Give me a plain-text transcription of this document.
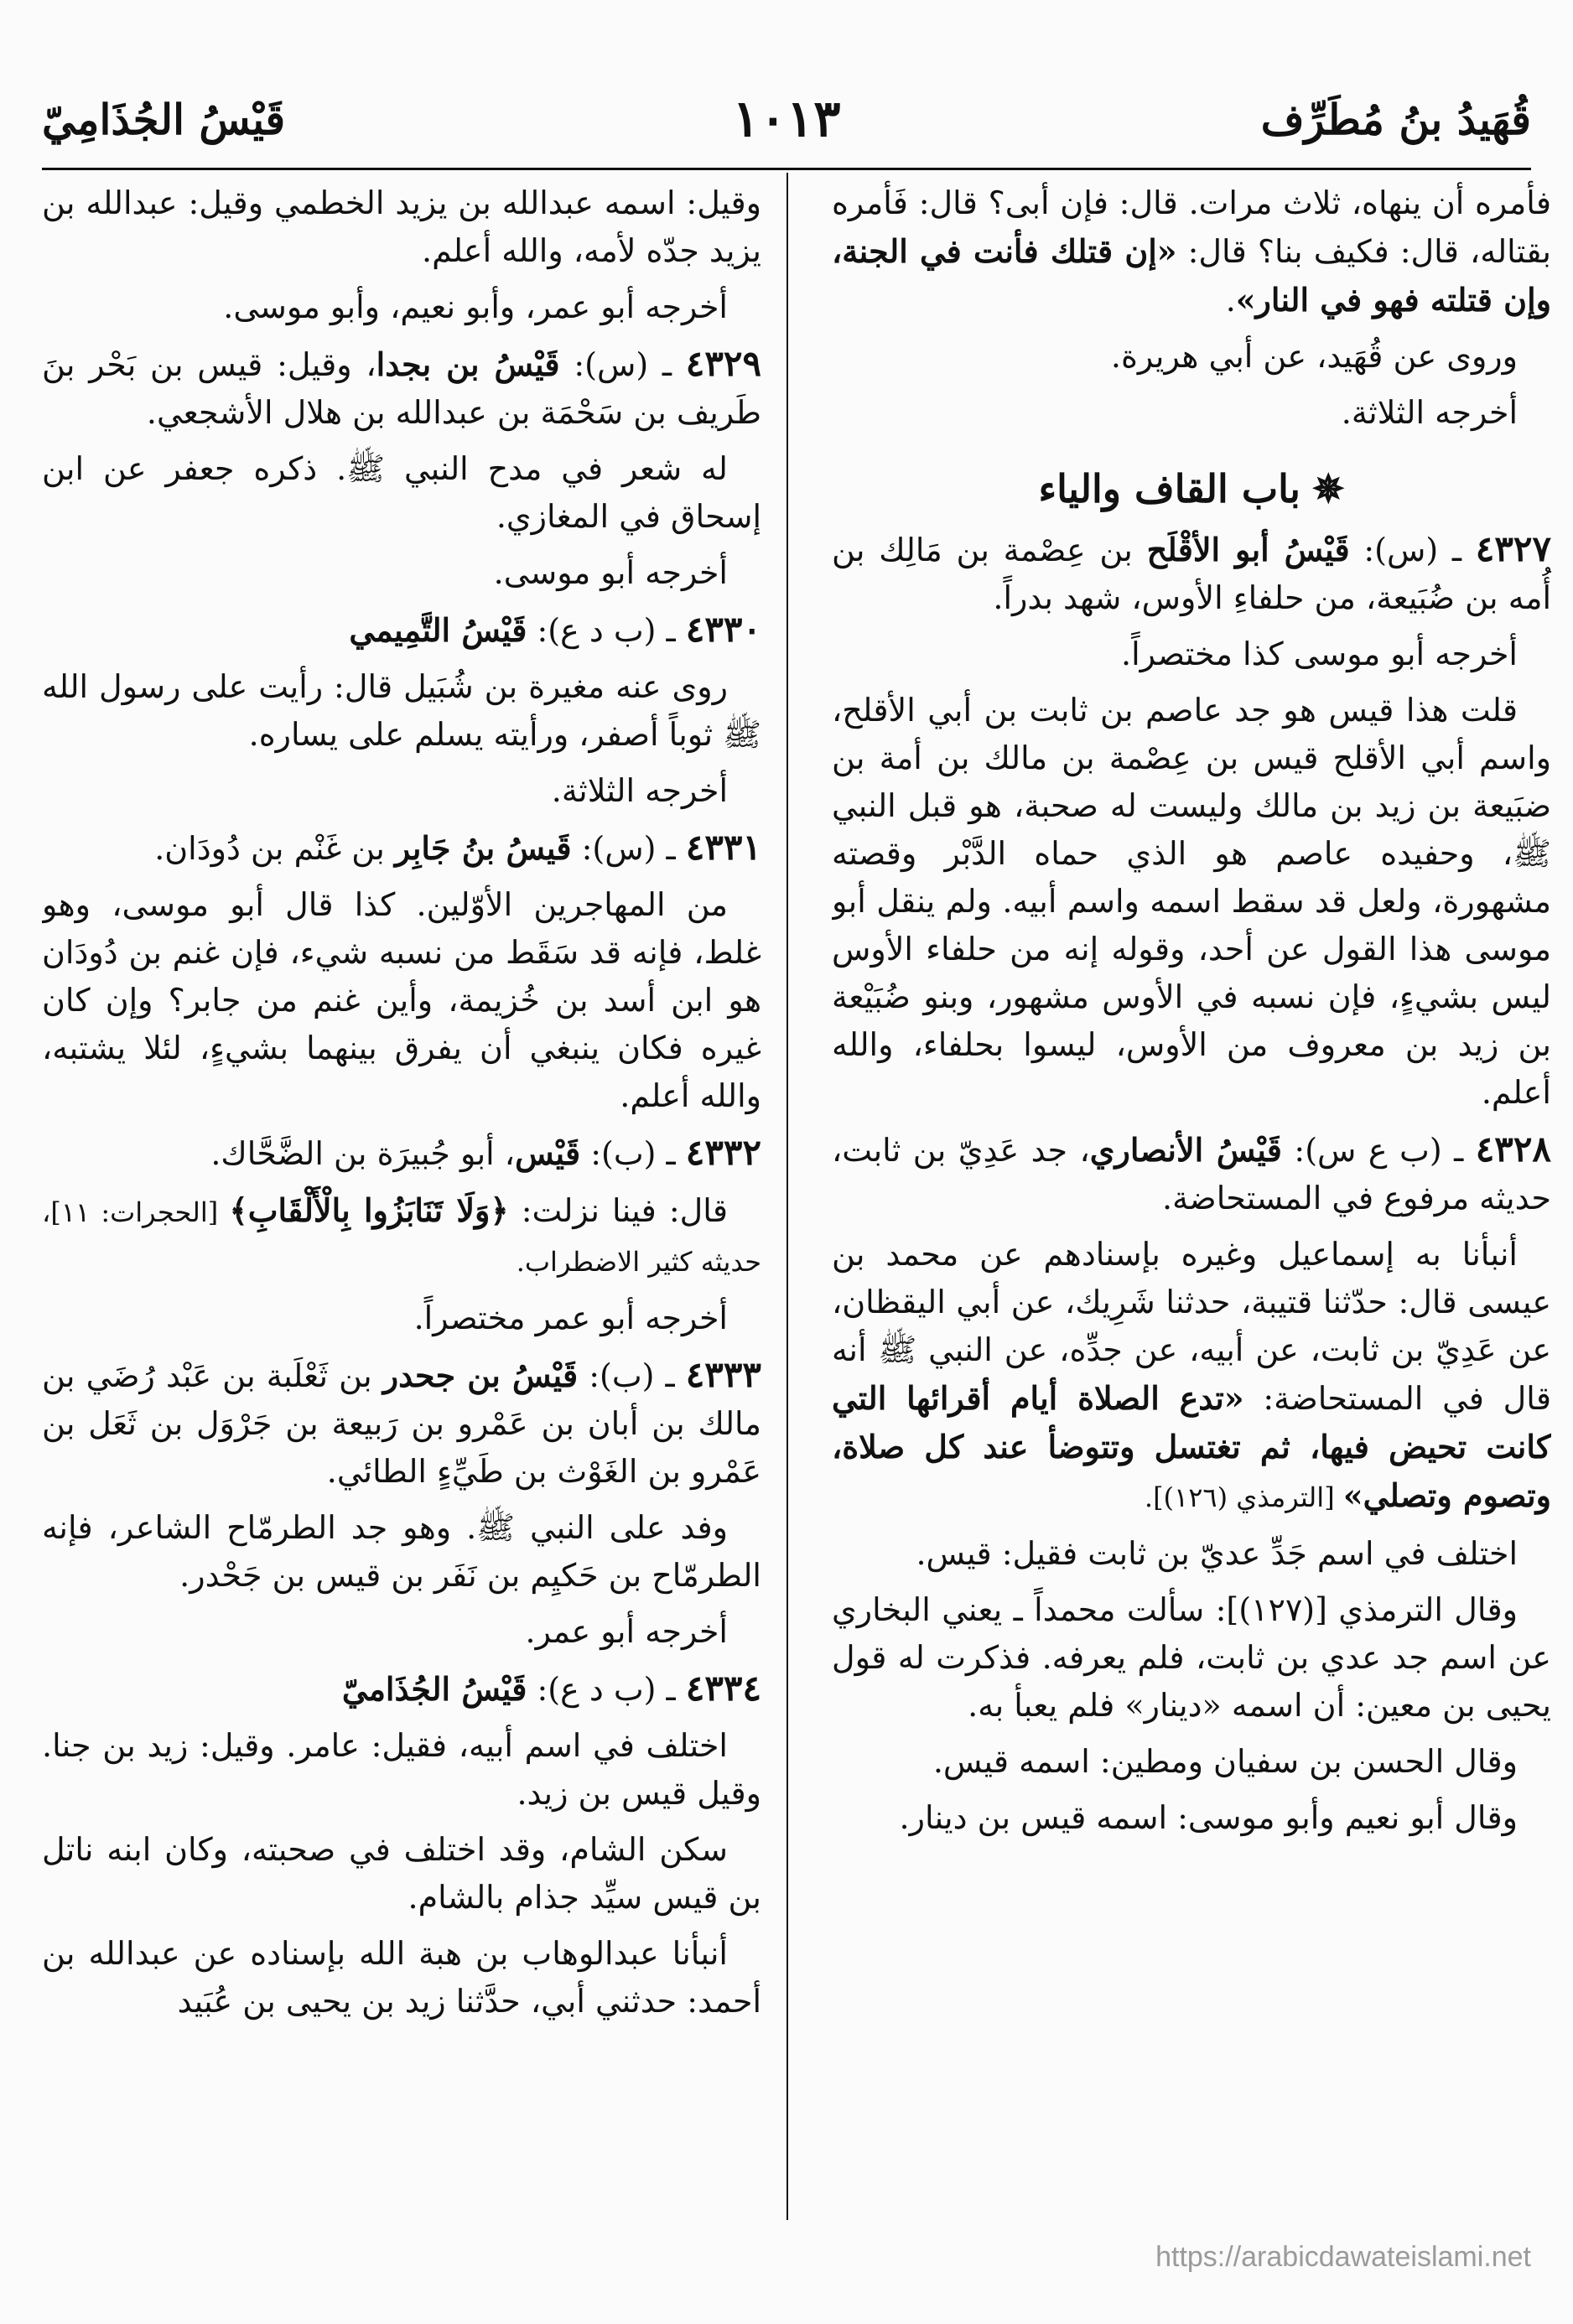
قُهَيدُ بنُ مُطَرِّف
١٠١٣
قَيْسُ الجُذَامِيّ

فأمره أن ينهاه، ثلاث مرات. قال: فإن أبى؟ قال: فَأَمره بقتاله، قال: فكيف بنا؟ قال: «إن قتلك فأنت في الجنة، وإن قتلته فهو في النار».

وروى عن قُهَيد، عن أبي هريرة.

أخرجه الثلاثة.

✵باب القاف والياء

٤٣٢٧ ـ (س): قَيْسُ أبو الأقْلَح بن عِصْمة بن مَالِك بن أُمه بن ضُبَيعة، من حلفاءِ الأوس، شهد بدراً.

أخرجه أبو موسى كذا مختصراً.

قلت هذا قيس هو جد عاصم بن ثابت بن أبي الأقلح، واسم أبي الأقلح قيس بن عِصْمة بن مالك بن أمة بن ضبَيعة بن زيد بن مالك وليست له صحبة، هو قبل النبي ﷺ، وحفيده عاصم هو الذي حماه الدَّبْر وقصته مشهورة، ولعل قد سقط اسمه واسم أبيه. ولم ينقل أبو موسى هذا القول عن أحد، وقوله إنه من حلفاء الأوس ليس بشيءٍ، فإن نسبه في الأوس مشهور، وبنو ضُبَيْعة بن زيد بن معروف من الأوس، ليسوا بحلفاء، والله أعلم.

٤٣٢٨ ـ (ب ع س): قَيْسُ الأنصاري، جد عَدِيّ بن ثابت، حديثه مرفوع في المستحاضة.

أنبأنا به إسماعيل وغيره بإسنادهم عن محمد بن عيسى قال: حدّثنا قتيبة، حدثنا شَرِيك، عن أبي اليقظان، عن عَدِيّ بن ثابت، عن أبيه، عن جدِّه، عن النبي ﷺ أنه قال في المستحاضة: «تدع الصلاة أيام أقرائها التي كانت تحيض فيها، ثم تغتسل وتتوضأ عند كل صلاة، وتصوم وتصلي» [الترمذي (١٢٦)].

اختلف في اسم جَدِّ عديّ بن ثابت فقيل: قيس.

وقال الترمذي [(١٢٧)]: سألت محمداً ـ يعني البخاري عن اسم جد عدي بن ثابت، فلم يعرفه. فذكرت له قول يحيى بن معين: أن اسمه «دينار» فلم يعبأ به.

وقال الحسن بن سفيان ومطين: اسمه قيس.

وقال أبو نعيم وأبو موسى: اسمه قيس بن دينار.

وقيل: اسمه عبدالله بن يزيد الخطمي وقيل: عبدالله بن يزيد جدّه لأمه، والله أعلم.

أخرجه أبو عمر، وأبو نعيم، وأبو موسى.

٤٣٢٩ ـ (س): قَيْسُ بن بجدا، وقيل: قيس بن بَحْر بنَ طَريف بن سَحْمَة بن عبدالله بن هلال الأشجعي.

له شعر في مدح النبي ﷺ. ذكره جعفر عن ابن إسحاق في المغازي.

أخرجه أبو موسى.

٤٣٣٠ ـ (ب د ع): قَيْسُ التَّمِيمي

روى عنه مغيرة بن شُبَيل قال: رأيت على رسول الله ﷺ ثوباً أصفر، ورأيته يسلم على يساره.

أخرجه الثلاثة.

٤٣٣١ ـ (س): قَيسُ بنُ جَابِر بن غَنْم بن دُودَان.

من المهاجرين الأوّلين. كذا قال أبو موسى، وهو غلط، فإنه قد سَقَط من نسبه شيء، فإن غنم بن دُودَان هو ابن أسد بن خُزيمة، وأين غنم من جابر؟ وإن كان غيره فكان ينبغي أن يفرق بينهما بشيءٍ، لئلا يشتبه، والله أعلم.

٤٣٣٢ ـ (ب): قَيْس، أبو جُبيرَة بن الضَّحَّاك.

قال: فينا نزلت: ﴿وَلَا تَنَابَزُوا بِالْأَلْقَابِ﴾ [الحجرات: ١١]، حديثه كثير الاضطراب.

أخرجه أبو عمر مختصراً.

٤٣٣٣ ـ (ب): قَيْسُ بن جحدر بن ثَعْلَبة بن عَبْد رُضَي بن مالك بن أبان بن عَمْرو بن رَبيعة بن جَرْوَل بن ثَعَل بن عَمْرو بن الغَوْث بن طَيِّءٍ الطائي.

وفد على النبي ﷺ. وهو جد الطرمّاح الشاعر، فإنه الطرمّاح بن حَكيِم بن نَفَر بن قيس بن جَحْدر.

أخرجه أبو عمر.

٤٣٣٤ ـ (ب د ع): قَيْسُ الجُذَاميّ

اختلف في اسم أبيه، فقيل: عامر. وقيل: زيد بن جنا. وقيل قيس بن زيد.

سكن الشام، وقد اختلف في صحبته، وكان ابنه ناتل بن قيس سيِّد جذام بالشام.

أنبأنا عبدالوهاب بن هبة الله بإسناده عن عبدالله بن أحمد: حدثني أبي، حدَّثنا زيد بن يحيى بن عُبَيد

https://arabicdawateislami.net
